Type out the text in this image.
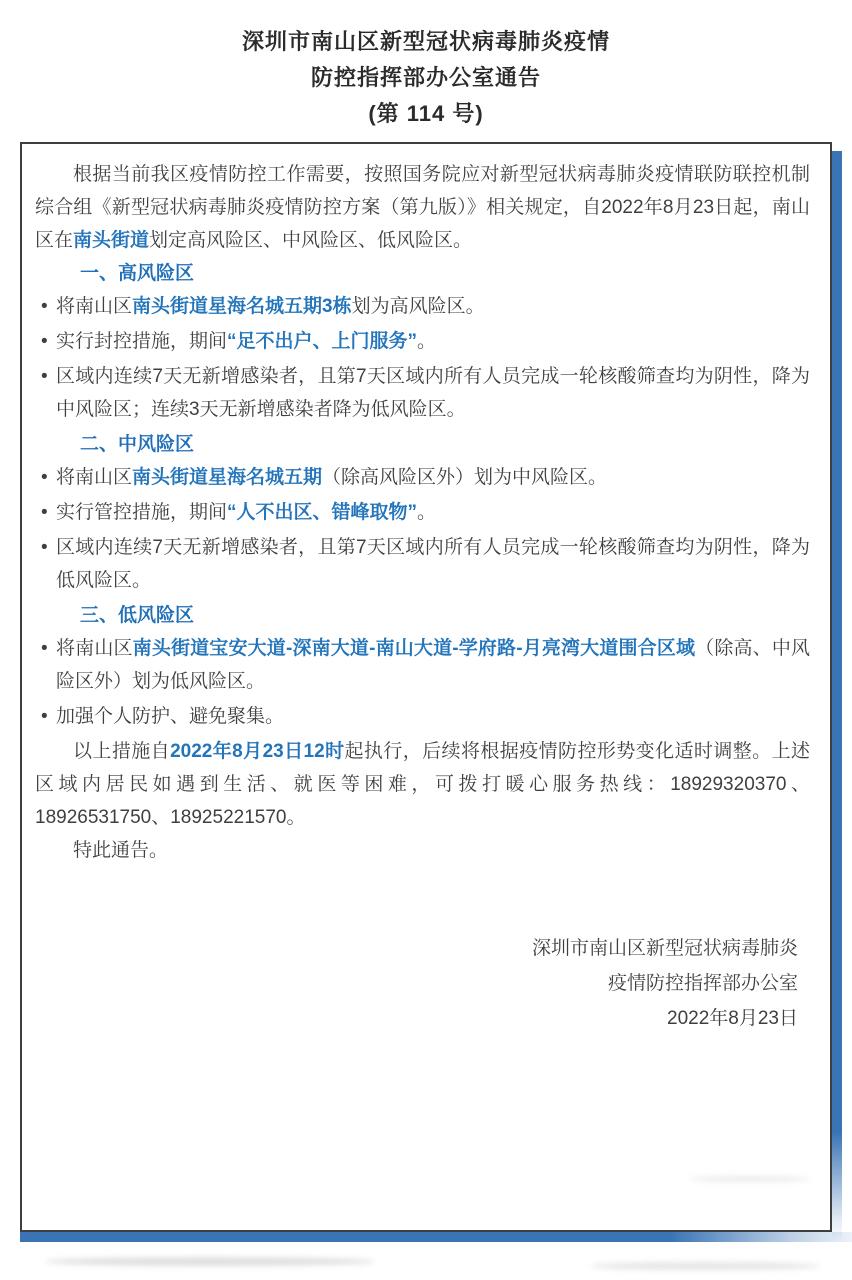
深圳市南山区新型冠状病毒肺炎疫情
防控指挥部办公室通告
(第 114 号)

根据当前我区疫情防控工作需要，按照国务院应对新型冠状病毒肺炎疫情联防联控机制综合组《新型冠状病毒肺炎疫情防控方案（第九版）》相关规定，自2022年8月23日起，南山区在南头街道划定高风险区、中风险区、低风险区。

一、高风险区
• 将南山区南头街道星海名城五期3栋划为高风险区。
• 实行封控措施，期间“足不出户、上门服务”。
• 区域内连续7天无新增感染者，且第7天区域内所有人员完成一轮核酸筛查均为阴性，降为中风险区；连续3天无新增感染者降为低风险区。
二、中风险区
• 将南山区南头街道星海名城五期（除高风险区外）划为中风险区。
• 实行管控措施，期间“人不出区、错峰取物”。
• 区域内连续7天无新增感染者，且第7天区域内所有人员完成一轮核酸筛查均为阴性，降为低风险区。
三、低风险区
• 将南山区南头街道宝安大道-深南大道-南山大道-学府路-月亮湾大道围合区域（除高、中风险区外）划为低风险区。
• 加强个人防护、避免聚集。

以上措施自2022年8月23日12时起执行，后续将根据疫情防控形势变化适时调整。上述区域内居民如遇到生活、就医等困难，可拨打暖心服务热线：18929320370、18926531750、18925221570。

特此通告。

深圳市南山区新型冠状病毒肺炎
疫情防控指挥部办公室
2022年8月23日
